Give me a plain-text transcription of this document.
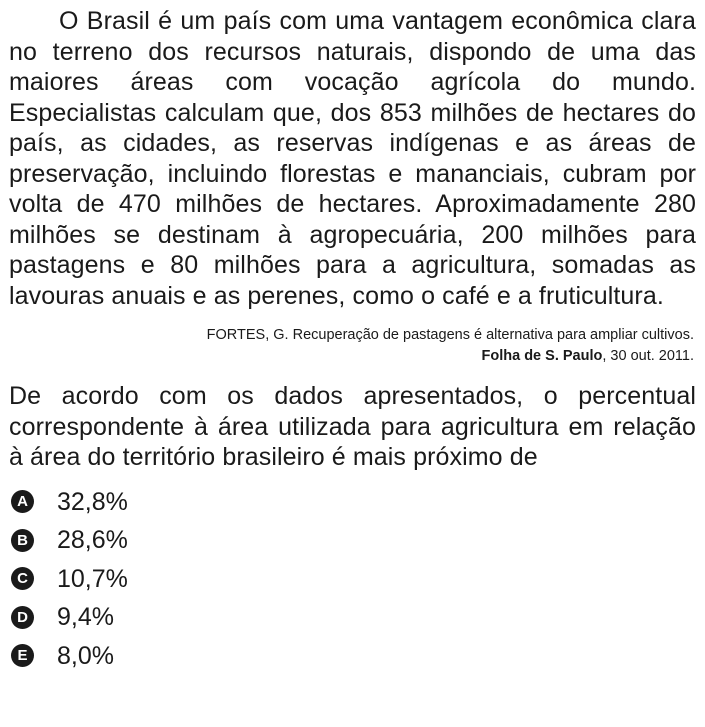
O Brasil é um país com uma vantagem econômica clara no terreno dos recursos naturais, dispondo de uma das maiores áreas com vocação agrícola do mundo. Especialistas calculam que, dos 853 milhões de hectares do país, as cidades, as reservas indígenas e as áreas de preservação, incluindo florestas e mananciais, cubram por volta de 470 milhões de hectares. Aproximadamente 280 milhões se destinam à agropecuária, 200 milhões para pastagens e 80 milhões para a agricultura, somadas as lavouras anuais e as perenes, como o café e a fruticultura.

FORTES, G. Recuperação de pastagens é alternativa para ampliar cultivos.
Folha de S. Paulo, 30 out. 2011.
De acordo com os dados apresentados, o percentual correspondente à área utilizada para agricultura em relação à área do território brasileiro é mais próximo de
A 32,8%
B 28,6%
C 10,7%
D 9,4%
E 8,0%
